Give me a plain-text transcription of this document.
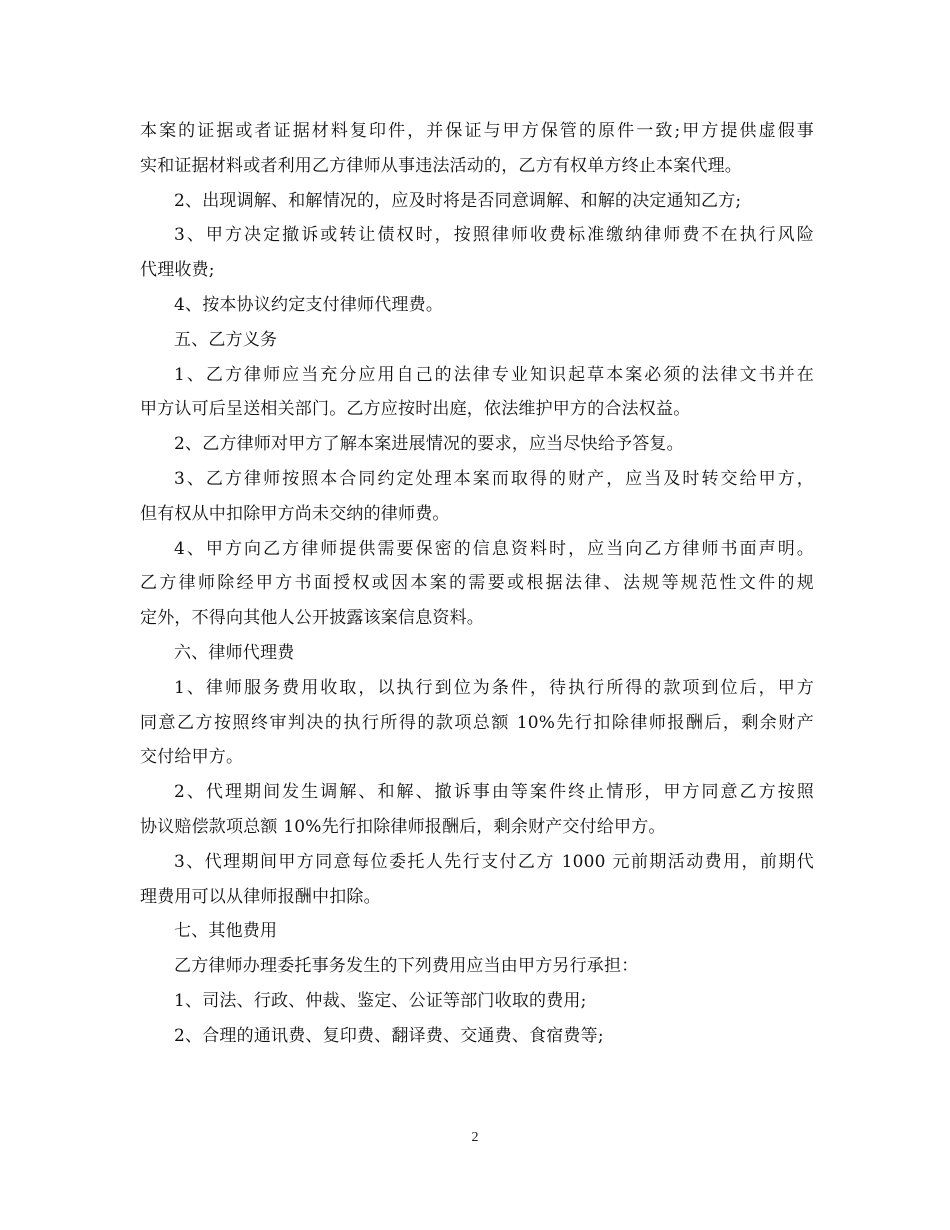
本案的证据或者证据材料复印件，并保证与甲方保管的原件一致;甲方提供虚假事
实和证据材料或者利用乙方律师从事违法活动的，乙方有权单方终止本案代理。
2、出现调解、和解情况的，应及时将是否同意调解、和解的决定通知乙方;
3、甲方决定撤诉或转让债权时，按照律师收费标准缴纳律师费不在执行风险
代理收费;
4、按本协议约定支付律师代理费。
五、乙方义务
1、乙方律师应当充分应用自己的法律专业知识起草本案必须的法律文书并在
甲方认可后呈送相关部门。乙方应按时出庭，依法维护甲方的合法权益。
2、乙方律师对甲方了解本案进展情况的要求，应当尽快给予答复。
3、乙方律师按照本合同约定处理本案而取得的财产，应当及时转交给甲方，
但有权从中扣除甲方尚未交纳的律师费。
4、甲方向乙方律师提供需要保密的信息资料时，应当向乙方律师书面声明。
乙方律师除经甲方书面授权或因本案的需要或根据法律、法规等规范性文件的规
定外，不得向其他人公开披露该案信息资料。
六、律师代理费
1、律师服务费用收取，以执行到位为条件，待执行所得的款项到位后，甲方
同意乙方按照终审判决的执行所得的款项总额 10%先行扣除律师报酬后，剩余财产
交付给甲方。
2、代理期间发生调解、和解、撤诉事由等案件终止情形，甲方同意乙方按照
协议赔偿款项总额 10%先行扣除律师报酬后，剩余财产交付给甲方。
3、代理期间甲方同意每位委托人先行支付乙方 1000 元前期活动费用，前期代
理费用可以从律师报酬中扣除。
七、其他费用
乙方律师办理委托事务发生的下列费用应当由甲方另行承担：
1、司法、行政、仲裁、鉴定、公证等部门收取的费用;
2、合理的通讯费、复印费、翻译费、交通费、食宿费等;
2
